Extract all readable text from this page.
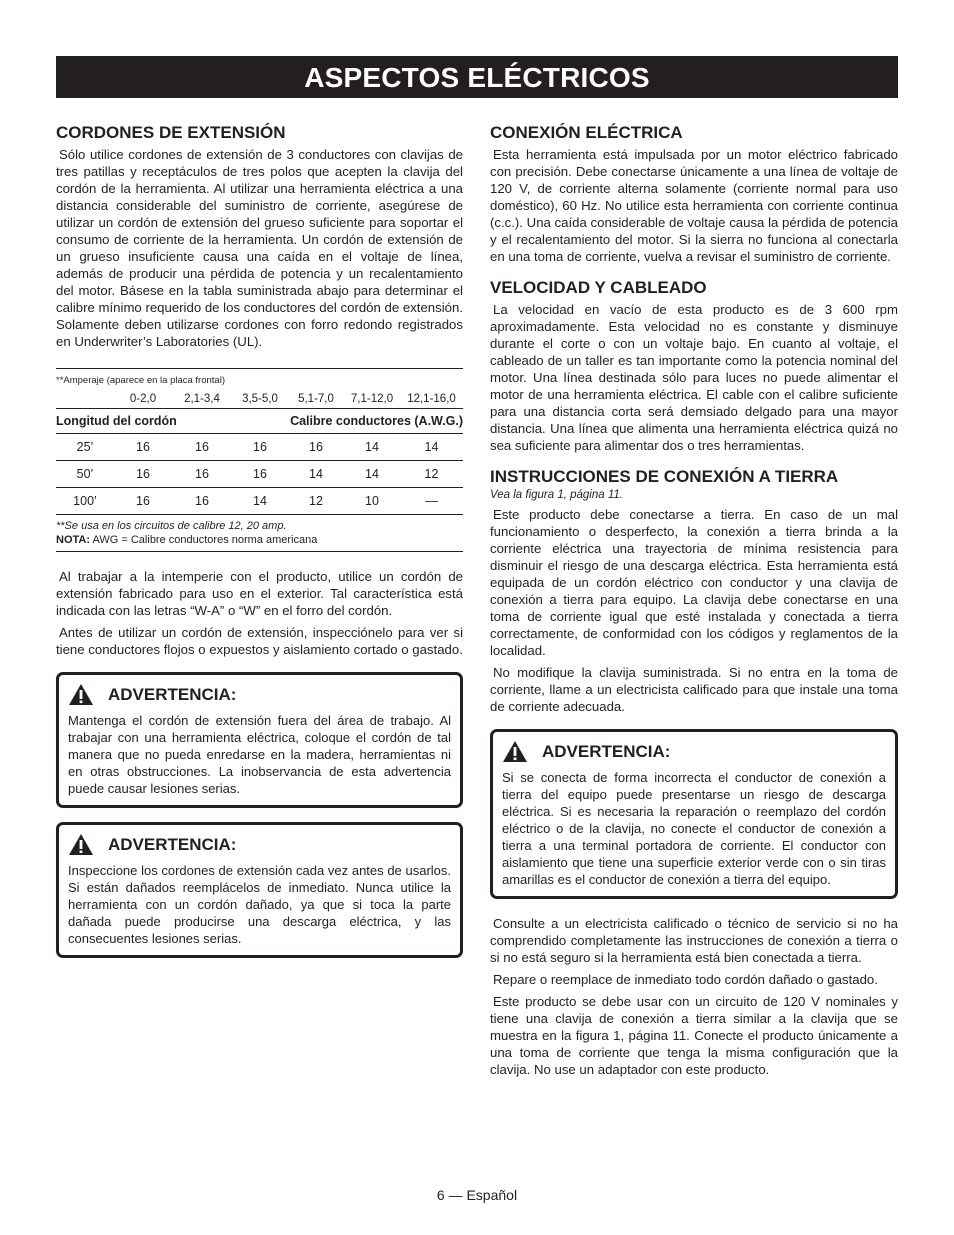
ASPECTOS ELÉCTRICOS
CORDONES DE EXTENSIÓN

Sólo utilice cordones de extensión de 3 conductores con clavijas de tres patillas y receptáculos de tres polos que acepten la clavija del cordón de la herramienta. Al utilizar una herramienta eléctrica a una distancia considerable del suministro de corriente, asegúrese de utilizar un cordón de extensión del grueso suficiente para soportar el consumo de corriente de la herramienta. Un cordón de extensión de un grueso insuficiente causa una caída en el voltaje de línea, además de producir una pérdida de potencia y un recalentamiento del motor. Básese en la tabla suministrada abajo para determinar el calibre mínimo requerido de los conductores del cordón de extensión. Solamente deben utilizarse cordones con forro redondo registrados en Underwriter’s Laboratories (UL).

**Amperaje (aparece en la placa frontal)
	0-2,0	2,1-3,4	3,5-5,0	5,1-7,0	7,1-12,0	12,1-16,0
Longitud del cordón			Calibre conductores (A.W.G.)			
25’	16	16	16	16	14	14
50’	16	16	16	14	14	12
100’	16	16	14	12	10	—
**Se usa en los circuitos de calibre 12, 20 amp.
NOTA: AWG = Calibre conductores norma americana

Al trabajar a la intemperie con el producto, utilice un cordón de extensión fabricado para uso en el exterior. Tal característica está indicada con las letras “W-A” o “W” en el forro del cordón.

Antes de utilizar un cordón de extensión, inspecciónelo para ver si tiene conductores flojos o expuestos y aislamiento cortado o gastado.

ADVERTENCIA:

Mantenga el cordón de extensión fuera del área de trabajo. Al trabajar con una herramienta eléctrica, coloque el cordón de tal manera que no pueda enredarse en la madera, herramientas ni en otras obstrucciones. La inobservancia de esta advertencia puede causar lesiones serias.

ADVERTENCIA:

Inspeccione los cordones de extensión cada vez antes de usarlos. Si están dañados reemplácelos de inmediato. Nunca utilice la herramienta con un cordón dañado, ya que si toca la parte dañada puede producirse una descarga eléctrica, y las consecuentes lesiones serias.

CONEXIÓN ELÉCTRICA

Esta herramienta está impulsada por un motor eléctrico fabricado con precisión. Debe conectarse únicamente a una línea de voltaje de 120 V, de corriente alterna solamente (corriente normal para uso doméstico), 60 Hz. No utilice esta herramienta con corriente continua (c.c.). Una caída considerable de voltaje causa la pérdida de potencia y el recalentamiento del motor. Si la sierra no funciona al conectarla en una toma de corriente, vuelva a revisar el suministro de corriente.

VELOCIDAD Y CABLEADO

La velocidad en vacío de esta producto es de 3 600 rpm aproximadamente. Esta velocidad no es constante y disminuye durante el corte o con un voltaje bajo. En cuanto al voltaje, el cableado de un taller es tan importante como la potencia nominal del motor. Una línea destinada sólo para luces no puede alimentar el motor de una herramienta eléctrica. El cable con el calibre suficiente para una distancia corta será demsiado delgado para una mayor distancia. Una línea que alimenta una herramienta eléctrica quizá no sea suficiente para alimentar dos o tres herramientas.

INSTRUCCIONES DE CONEXIÓN A TIERRA

Vea la figura 1, página 11.

Este producto debe conectarse a tierra. En caso de un mal funcionamiento o desperfecto, la conexión a tierra brinda a la corriente eléctrica una trayectoria de mínima resistencia para disminuir el riesgo de una descarga eléctrica. Esta herramienta está equipada de un cordón eléctrico con conductor y una clavija de conexión a tierra para equipo. La clavija debe conectarse en una toma de corriente igual que esté instalada y conectada a tierra correctamente, de conformidad con los códigos y reglamentos de la localidad.

No modifique la clavija suministrada. Si no entra en la toma de corriente, llame a un electricista calificado para que instale una toma de corriente adecuada.

ADVERTENCIA:

Si se conecta de forma incorrecta el conductor de conexión a tierra del equipo puede presentarse un riesgo de descarga eléctrica. Si es necesaria la reparación o reemplazo del cordón eléctrico o de la clavija, no conecte el conductor de conexión a tierra a una terminal portadora de corriente. El conductor con aislamiento que tiene una superficie exterior verde con o sin tiras amarillas es el conductor de conexión a tierra del equipo.

Consulte a un electricista calificado o técnico de servicio si no ha comprendido completamente las instrucciones de conexión a tierra o si no está seguro si la herramienta está bien conectada a tierra.

Repare o reemplace de inmediato todo cordón dañado o gastado.

Este producto se debe usar con un circuito de 120 V nominales y tiene una clavija de conexión a tierra similar a la clavija que se muestra en la figura 1, página 11. Conecte el producto únicamente a una toma de corriente que tenga la misma configuración que la clavija. No use un adaptador con este producto.

6 — Español
